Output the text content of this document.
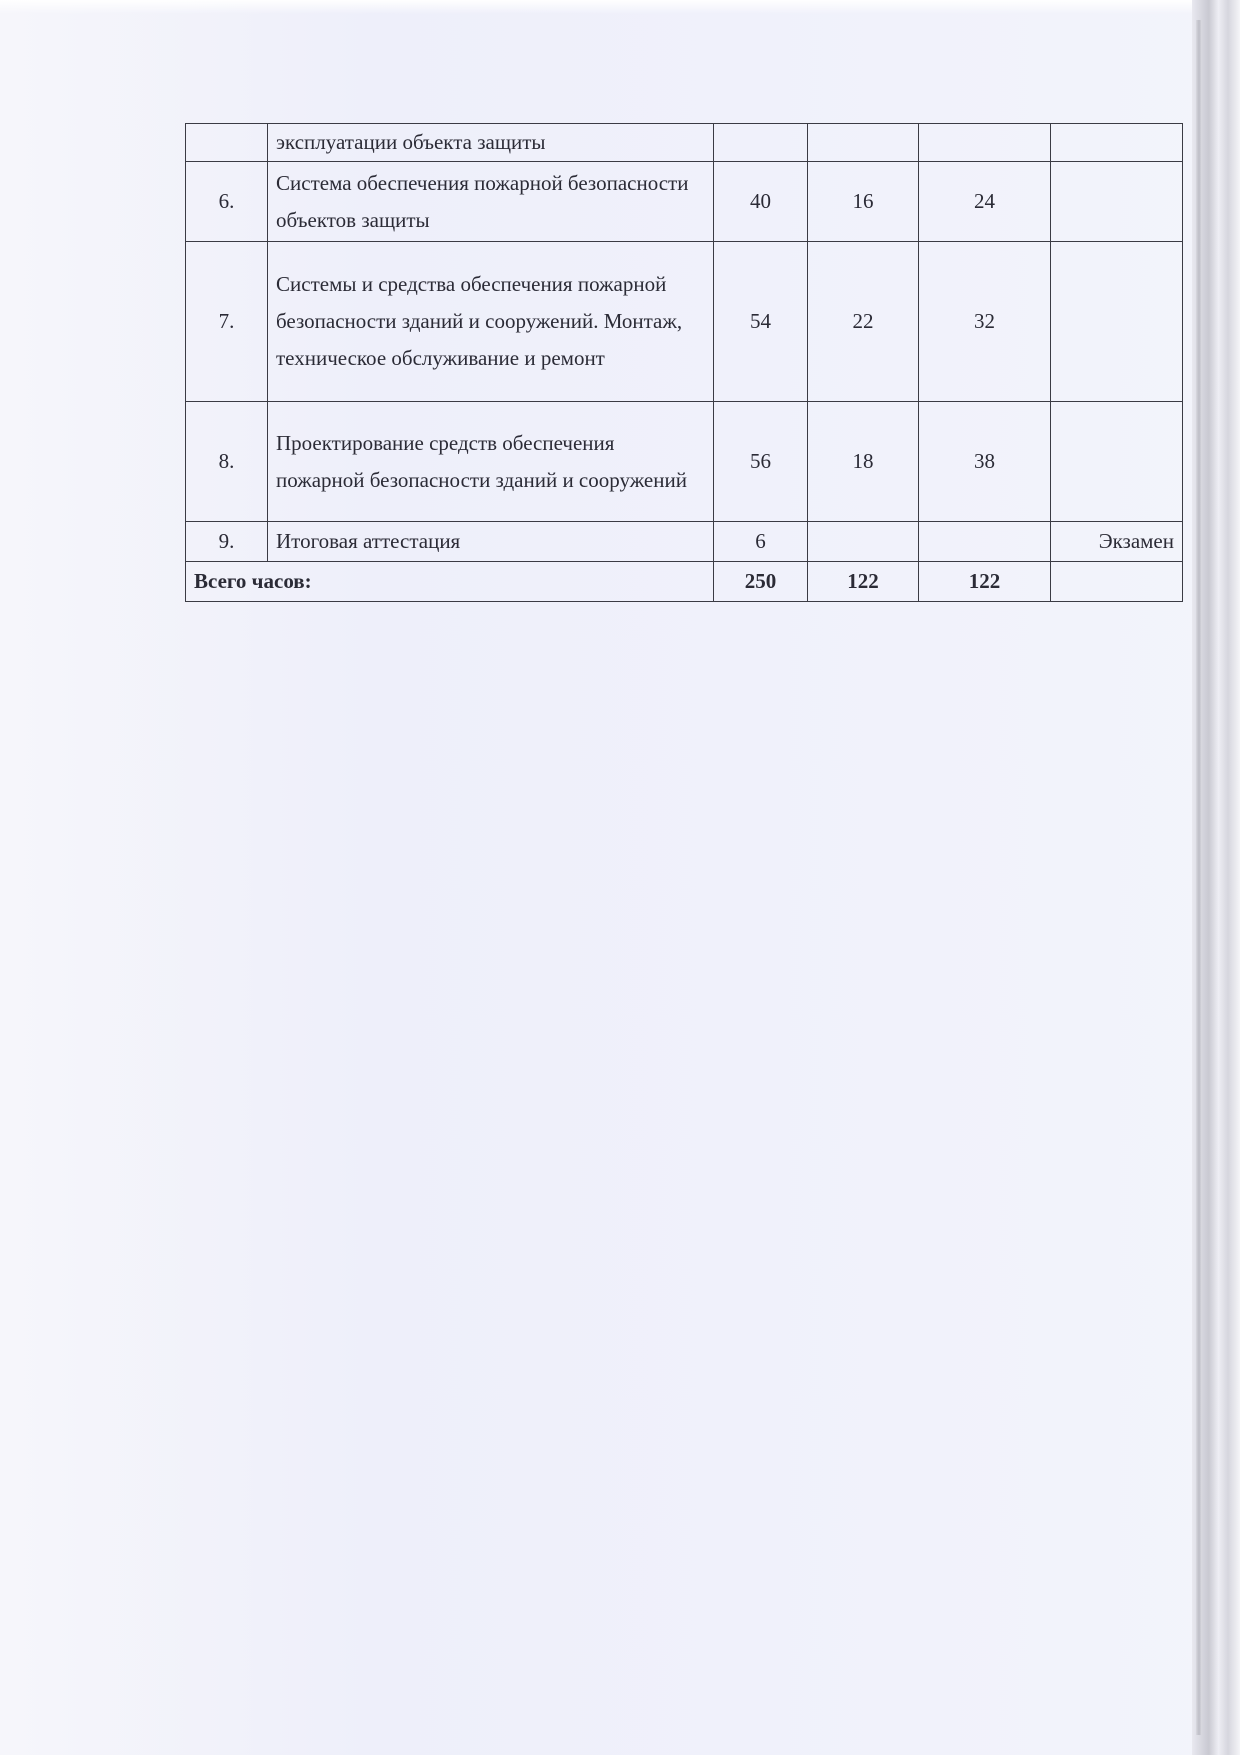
	эксплуатации объекта защиты				
6.	Система обеспечения пожарной безопасности объектов защиты	40	16	24	
7.	Системы и средства обеспечения пожарной безопасности зданий и сооружений. Монтаж, техническое обслуживание и ремонт	54	22	32	
8.	Проектирование средств обеспечения пожарной безопасности зданий и сооружений	56	18	38	
9.	Итоговая аттестация	6			Экзамен
Всего часов:		250	122	122	
